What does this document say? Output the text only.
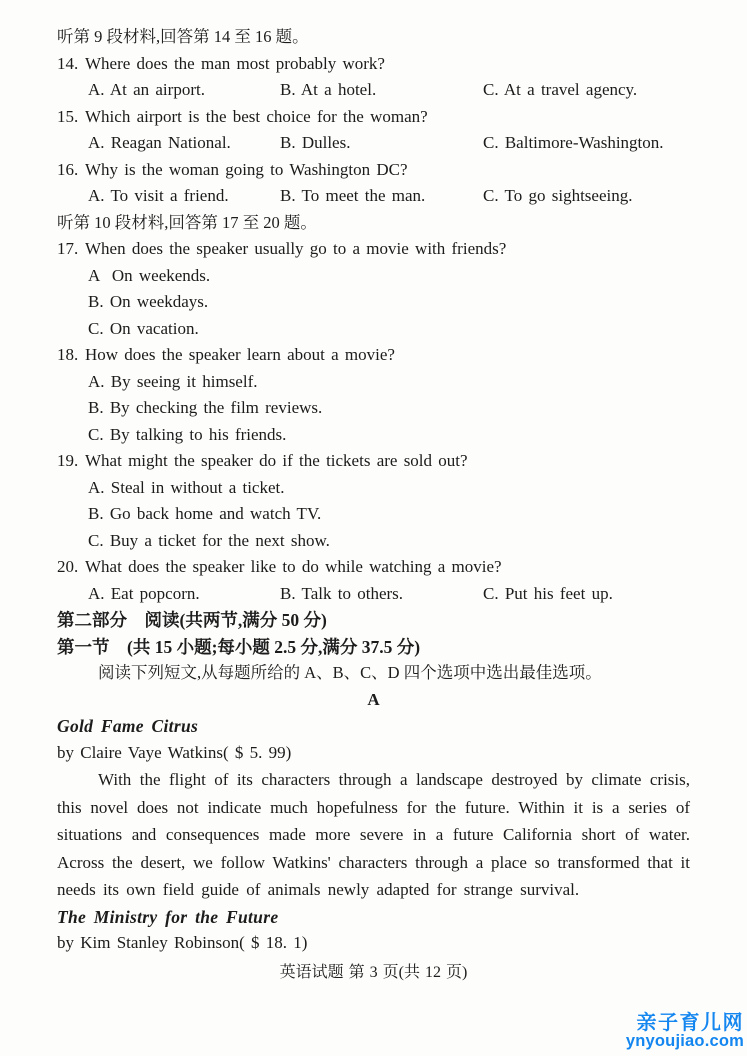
听第 9 段材料,回答第 14 至 16 题。
14. Where does the man most probably work?
A. At an airport.	B. At a hotel.	C. At a travel agency.
15. Which airport is the best choice for the woman?
A. Reagan National.	B. Dulles.	C. Baltimore-Washington.
16. Why is the woman going to Washington DC?
A. To visit a friend.	B. To meet the man.	C. To go sightseeing.
听第 10 段材料,回答第 17 至 20 题。
17. When does the speaker usually go to a movie with friends?
A  On weekends.
B. On weekdays.
C. On vacation.
18. How does the speaker learn about a movie?
A. By seeing it himself.
B. By checking the film reviews.
C. By talking to his friends.
19. What might the speaker do if the tickets are sold out?
A. Steal in without a ticket.
B. Go back home and watch TV.
C. Buy a ticket for the next show.
20. What does the speaker like to do while watching a movie?
A. Eat popcorn.	B. Talk to others.	C. Put his feet up.
第二部分　阅读(共两节,满分 50 分)
第一节　(共 15 小题;每小题 2.5 分,满分 37.5 分)
阅读下列短文,从每题所给的 A、B、C、D 四个选项中选出最佳选项。
A
Gold Fame Citrus
by Claire Vaye Watkins( $ 5. 99)

With the flight of its characters through a landscape destroyed by climate crisis, this novel does not indicate much hopefulness for the future. Within it is a series of situations and consequences made more severe in a future California short of water. Across the desert, we follow Watkins' characters through a place so transformed that it needs its own field guide of animals newly adapted for strange survival.

The Ministry for the Future
by Kim Stanley Robinson( $ 18. 1)
英语试题 第 3 页(共 12 页)
亲子育儿网
ynyoujiao.com
